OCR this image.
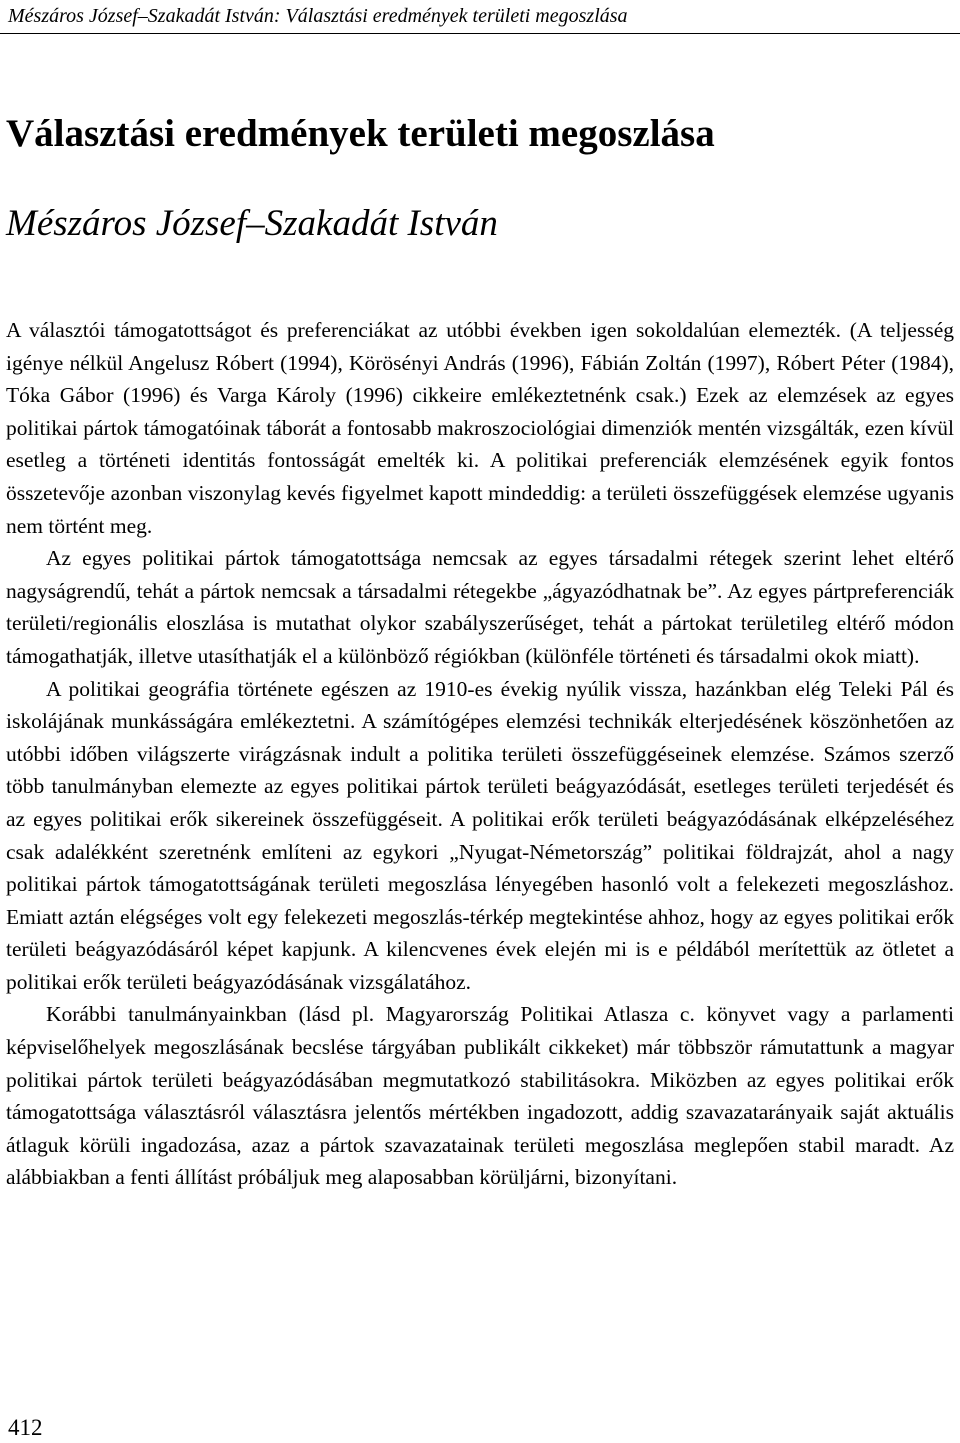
Mészáros József–Szakadát István: Választási eredmények területi megoszlása
Választási eredmények területi megoszlása
Mészáros József–Szakadát István

A választói támogatottságot és preferenciákat az utóbbi években igen sokoldalúan elemezték. (A teljesség igénye nélkül Angelusz Róbert (1994), Körösényi András (1996), Fábián Zoltán (1997), Róbert Péter (1984), Tóka Gábor (1996) és Varga Károly (1996) cikkeire emlékeztetnénk csak.) Ezek az elemzések az egyes politikai pártok támogatóinak táborát a fontosabb makroszociológiai dimenziók mentén vizsgálták, ezen kívül esetleg a történeti identitás fontosságát emelték ki. A politikai preferenciák elemzésének egyik fontos összetevője azonban viszonylag kevés figyelmet kapott mindeddig: a területi összefüggések elemzése ugyanis nem történt meg.

Az egyes politikai pártok támogatottsága nemcsak az egyes társadalmi rétegek szerint lehet eltérő nagyságrendű, tehát a pártok nemcsak a társadalmi rétegekbe „ágyazódhatnak be”. Az egyes pártpreferenciák területi/regionális eloszlása is mutathat olykor szabályszerűséget, tehát a pártokat területileg eltérő módon támogathatják, illetve utasíthatják el a különböző régiókban (különféle történeti és társadalmi okok miatt).

A politikai geográfia története egészen az 1910-es évekig nyúlik vissza, hazánkban elég Teleki Pál és iskolájának munkásságára emlékeztetni. A számítógépes elemzési technikák elterjedésének köszönhetően az utóbbi időben világszerte virágzásnak indult a politika területi összefüggéseinek elemzése. Számos szerző több tanulmányban elemezte az egyes politikai pártok területi beágyazódását, esetleges területi terjedését és az egyes politikai erők sikereinek összefüggéseit. A politikai erők területi beágyazódásának elképzeléséhez csak adalékként szeretnénk említeni az egykori „Nyugat-Németország” politikai földrajzát, ahol a nagy politikai pártok támogatottságának területi megoszlása lényegében hasonló volt a felekezeti megoszláshoz. Emiatt aztán elégséges volt egy felekezeti megoszlás-térkép megtekintése ahhoz, hogy az egyes politikai erők területi beágyazódásáról képet kapjunk. A kilencvenes évek elején mi is e példából merítettük az ötletet a politikai erők területi beágyazódásának vizsgálatához.

Korábbi tanulmányainkban (lásd pl. Magyarország Politikai Atlasza c. könyvet vagy a parlamenti képviselőhelyek megoszlásának becslése tárgyában publikált cikkeket) már többször rámutattunk a magyar politikai pártok területi beágyazódásában megmutatkozó stabilitásokra. Miközben az egyes politikai erők támogatottsága választásról választásra jelentős mértékben ingadozott, addig szavazatarányaik saját aktuális átlaguk körüli ingadozása, azaz a pártok szavazatainak területi megoszlása meglepően stabil maradt. Az alábbiakban a fenti állítást próbáljuk meg alaposabban körüljárni, bizonyítani.

412
